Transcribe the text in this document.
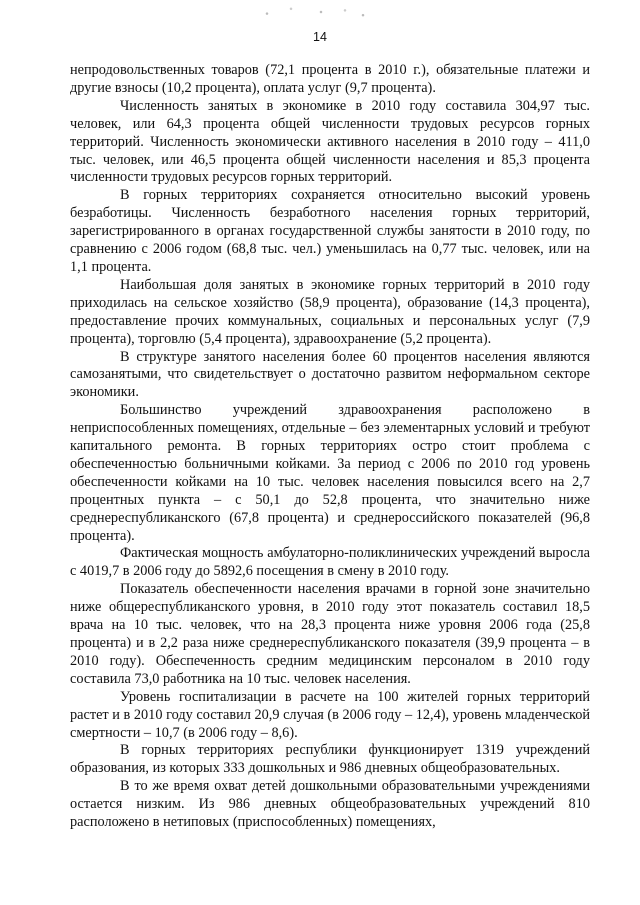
14

непродовольственных товаров (72,1 процента в 2010 г.), обязательные платежи и другие взносы (10,2 процента), оплата услуг (9,7 процента).

Численность занятых в экономике в 2010 году составила 304,97 тыс. человек, или 64,3 процента общей численности трудовых ресурсов горных территорий. Численность экономически активного населения в 2010 году – 411,0 тыс. человек, или 46,5 процента общей численности населения и 85,3 процента численности трудовых ресурсов горных территорий.

В горных территориях сохраняется относительно высокий уровень безработицы. Численность безработного населения горных территорий, зарегистрированного в органах государственной службы занятости в 2010 году, по сравнению с 2006 годом (68,8 тыс. чел.) уменьшилась на 0,77 тыс. человек, или на 1,1 процента.

Наибольшая доля занятых в экономике горных территорий в 2010 году приходилась на сельское хозяйство (58,9 процента), образование (14,3 процента), предоставление прочих коммунальных, социальных и персональных услуг (7,9 процента), торговлю (5,4 процента), здравоохранение (5,2 процента).

В структуре занятого населения более 60 процентов населения являются самозанятыми, что свидетельствует о достаточно развитом неформальном секторе экономики.

Большинство учреждений здравоохранения расположено в неприспособленных помещениях, отдельные – без элементарных условий и требуют капитального ремонта. В горных территориях остро стоит проблема с обеспеченностью больничными койками. За период с 2006 по 2010 год уровень обеспеченности койками на 10 тыс. человек населения повысился всего на 2,7 процентных пункта – с 50,1 до 52,8 процента, что значительно ниже среднереспубликанского (67,8 процента) и среднероссийского показателей (96,8 процента).

Фактическая мощность амбулаторно-поликлинических учреждений выросла с 4019,7 в 2006 году до 5892,6 посещения в смену в 2010 году.

Показатель обеспеченности населения врачами в горной зоне значительно ниже общереспубликанского уровня, в 2010 году этот показатель составил 18,5 врача на 10 тыс. человек, что на 28,3 процента ниже уровня 2006 года (25,8 процента) и в 2,2 раза ниже среднереспубликанского показателя (39,9 процента – в 2010 году). Обеспеченность средним медицинским персоналом в 2010 году составила 73,0 работника на 10 тыс. человек населения.

Уровень госпитализации в расчете на 100 жителей горных территорий растет и в 2010 году составил 20,9 случая (в 2006 году – 12,4), уровень младенческой смертности – 10,7 (в 2006 году – 8,6).

В горных территориях республики функционирует 1319 учреждений образования, из которых 333 дошкольных и 986 дневных общеобразовательных.

В то же время охват детей дошкольными образовательными учреждениями остается низким. Из 986 дневных общеобразовательных учреждений 810 расположено в нетиповых (приспособленных) помещениях,
